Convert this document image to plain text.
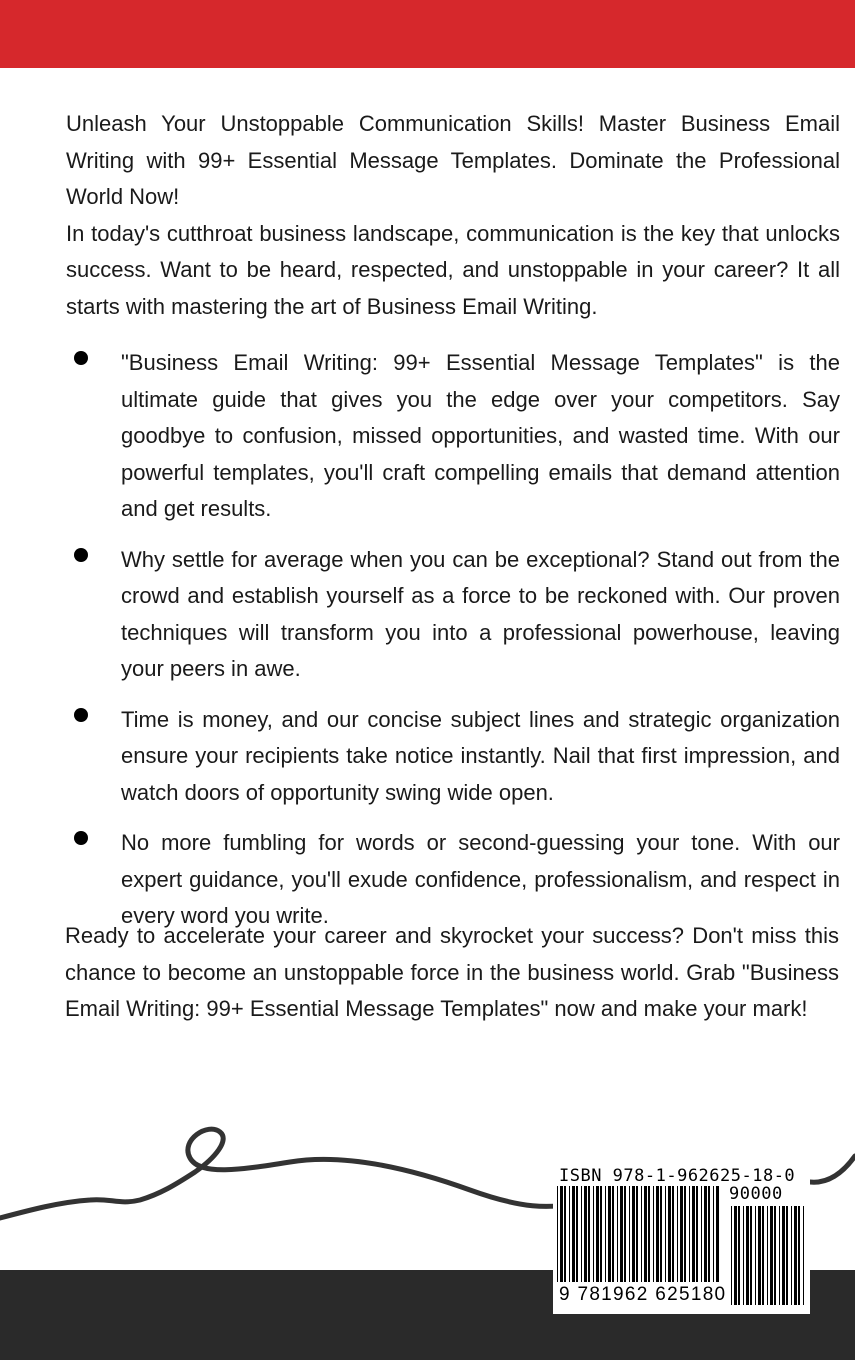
Unleash Your Unstoppable Communication Skills! Master Business Email Writing with 99+ Essential Message Templates. Dominate the Professional World Now!

In today's cutthroat business landscape, communication is the key that unlocks success. Want to be heard, respected, and unstoppable in your career? It all starts with mastering the art of Business Email Writing.

"Business Email Writing: 99+ Essential Message Templates" is the ultimate guide that gives you the edge over your competitors. Say goodbye to confusion, missed opportunities, and wasted time. With our powerful templates, you'll craft compelling emails that demand attention and get results.
Why settle for average when you can be exceptional? Stand out from the crowd and establish yourself as a force to be reckoned with. Our proven techniques will transform you into a professional powerhouse, leaving your peers in awe.
Time is money, and our concise subject lines and strategic organization ensure your recipients take notice instantly. Nail that first impression, and watch doors of opportunity swing wide open.
No more fumbling for words or second-guessing your tone. With our expert guidance, you'll exude confidence, professionalism, and respect in every word you write.

Ready to accelerate your career and skyrocket your success? Don't miss this chance to become an unstoppable force in the business world. Grab "Business Email Writing: 99+ Essential Message Templates" now and make your mark!

ISBN 978-1-962625-18-0
90000
9 781962 625180
